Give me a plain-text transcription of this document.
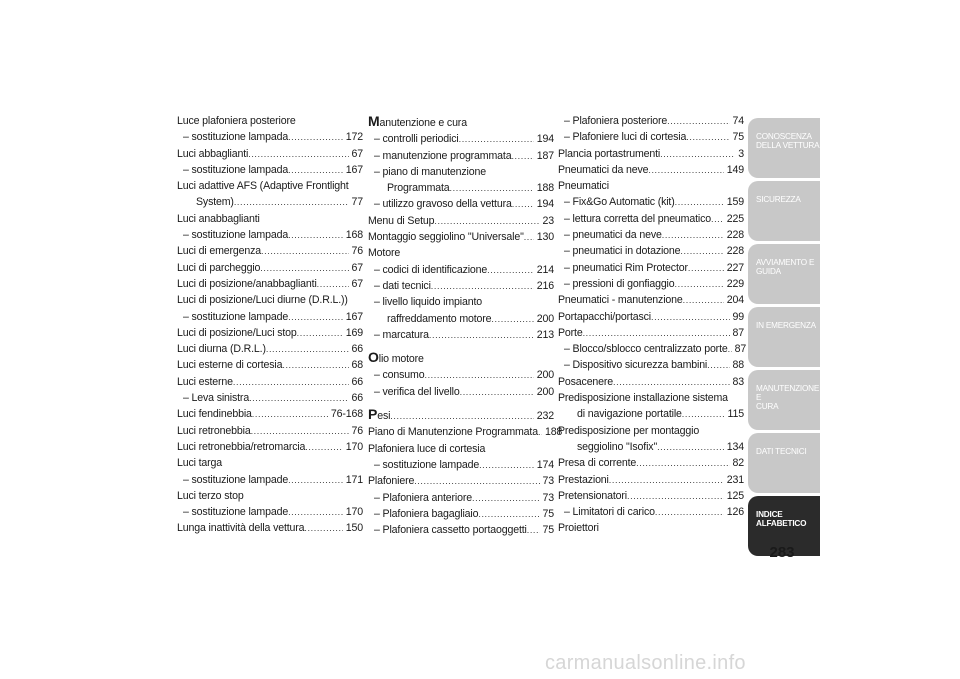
Luce plafoniera posteriore
– sostituzione lampada .....	172
Luci abbaglianti .....	67
– sostituzione lampada .....	167
Luci adattive AFS (Adaptive Frontlight
System) .....	77
Luci anabbaglianti
– sostituzione lampada .....	168
Luci di emergenza .....	76
Luci di parcheggio .....	67
Luci di posizione/anabbaglianti .....	67
Luci di posizione/Luci diurne (D.R.L.))
– sostituzione lampade .....	167
Luci di posizione/Luci stop .....	169
Luci diurna (D.R.L.) .....	66
Luci esterne di cortesia .....	68
Luci esterne .....	66
– Leva sinistra .....	66
Luci fendinebbia .....	76-168
Luci retronebbia .....	76
Luci retronebbia/retromarcia .....	170
Luci targa
– sostituzione lampade .....	171
Luci terzo stop
– sostituzione lampade .....	170
Lunga inattività della vettura .....	150
Manutenzione e cura
– controlli periodici .....	194
– manutenzione programmata ..... 187
– piano di manutenzione
Programmata .....	188
– utilizzo gravoso della vettura ..... 194
Menu di Setup .....	23
Montaggio seggiolino "Universale" ..... 130
Motore
– codici di identificazione .....	214
– dati tecnici .....	216
– livello liquido impianto
raffreddamento motore .....	200
– marcatura .....	213
Olio motore
– consumo .....	200
– verifica del livello .....	200
P esi .....	232
Piano di Manutenzione Programmata ..... 188
Plafoniera luce di cortesia
– sostituzione lampade .....	174
Plafoniere .....	73
– Plafoniera anteriore .....	73
– Plafoniera bagagliaio .....	75
– Plafoniera cassetto portaoggetti ..... 75
– Plafoniera posteriore .....	74
– Plafoniere luci di cortesia .....	75
Plancia portastrumenti .....	3
Pneumatici da neve .....	149
Pneumatici
– Fix&Go Automatic (kit) .....	159
– lettura corretta del pneumatico ..... 225
– pneumatici da neve .....	228
– pneumatici in dotazione .....	228
– pneumatici Rim Protector .....	227
– pressioni di gonfiaggio .....	229
Pneumatici - manutenzione .....	204
Portapacchi/portasci .....	99
Porte .....	87
– Blocco/sblocco centralizzato porte ..... 87
– Dispositivo sicurezza bambini ..... 88
Posacenere .....	83
Predisposizione installazione sistema
di navigazione portatile .....	115
Predisposizione per montaggio
seggiolino "Isofix" .....	134
Presa di corrente .....	82
Prestazioni .....	231
Pretensionatori .....	125
– Limitatori di carico .....	126
Proiettori
CONOSCENZA
DELLA VETTURA
SICUREZZA
AVVIAMENTO E
GUIDA
IN EMERGENZA
MANUTENZIONE E
CURA
DATI TECNICI
INDICE
ALFABETICO
283
carmanualsonline.info
